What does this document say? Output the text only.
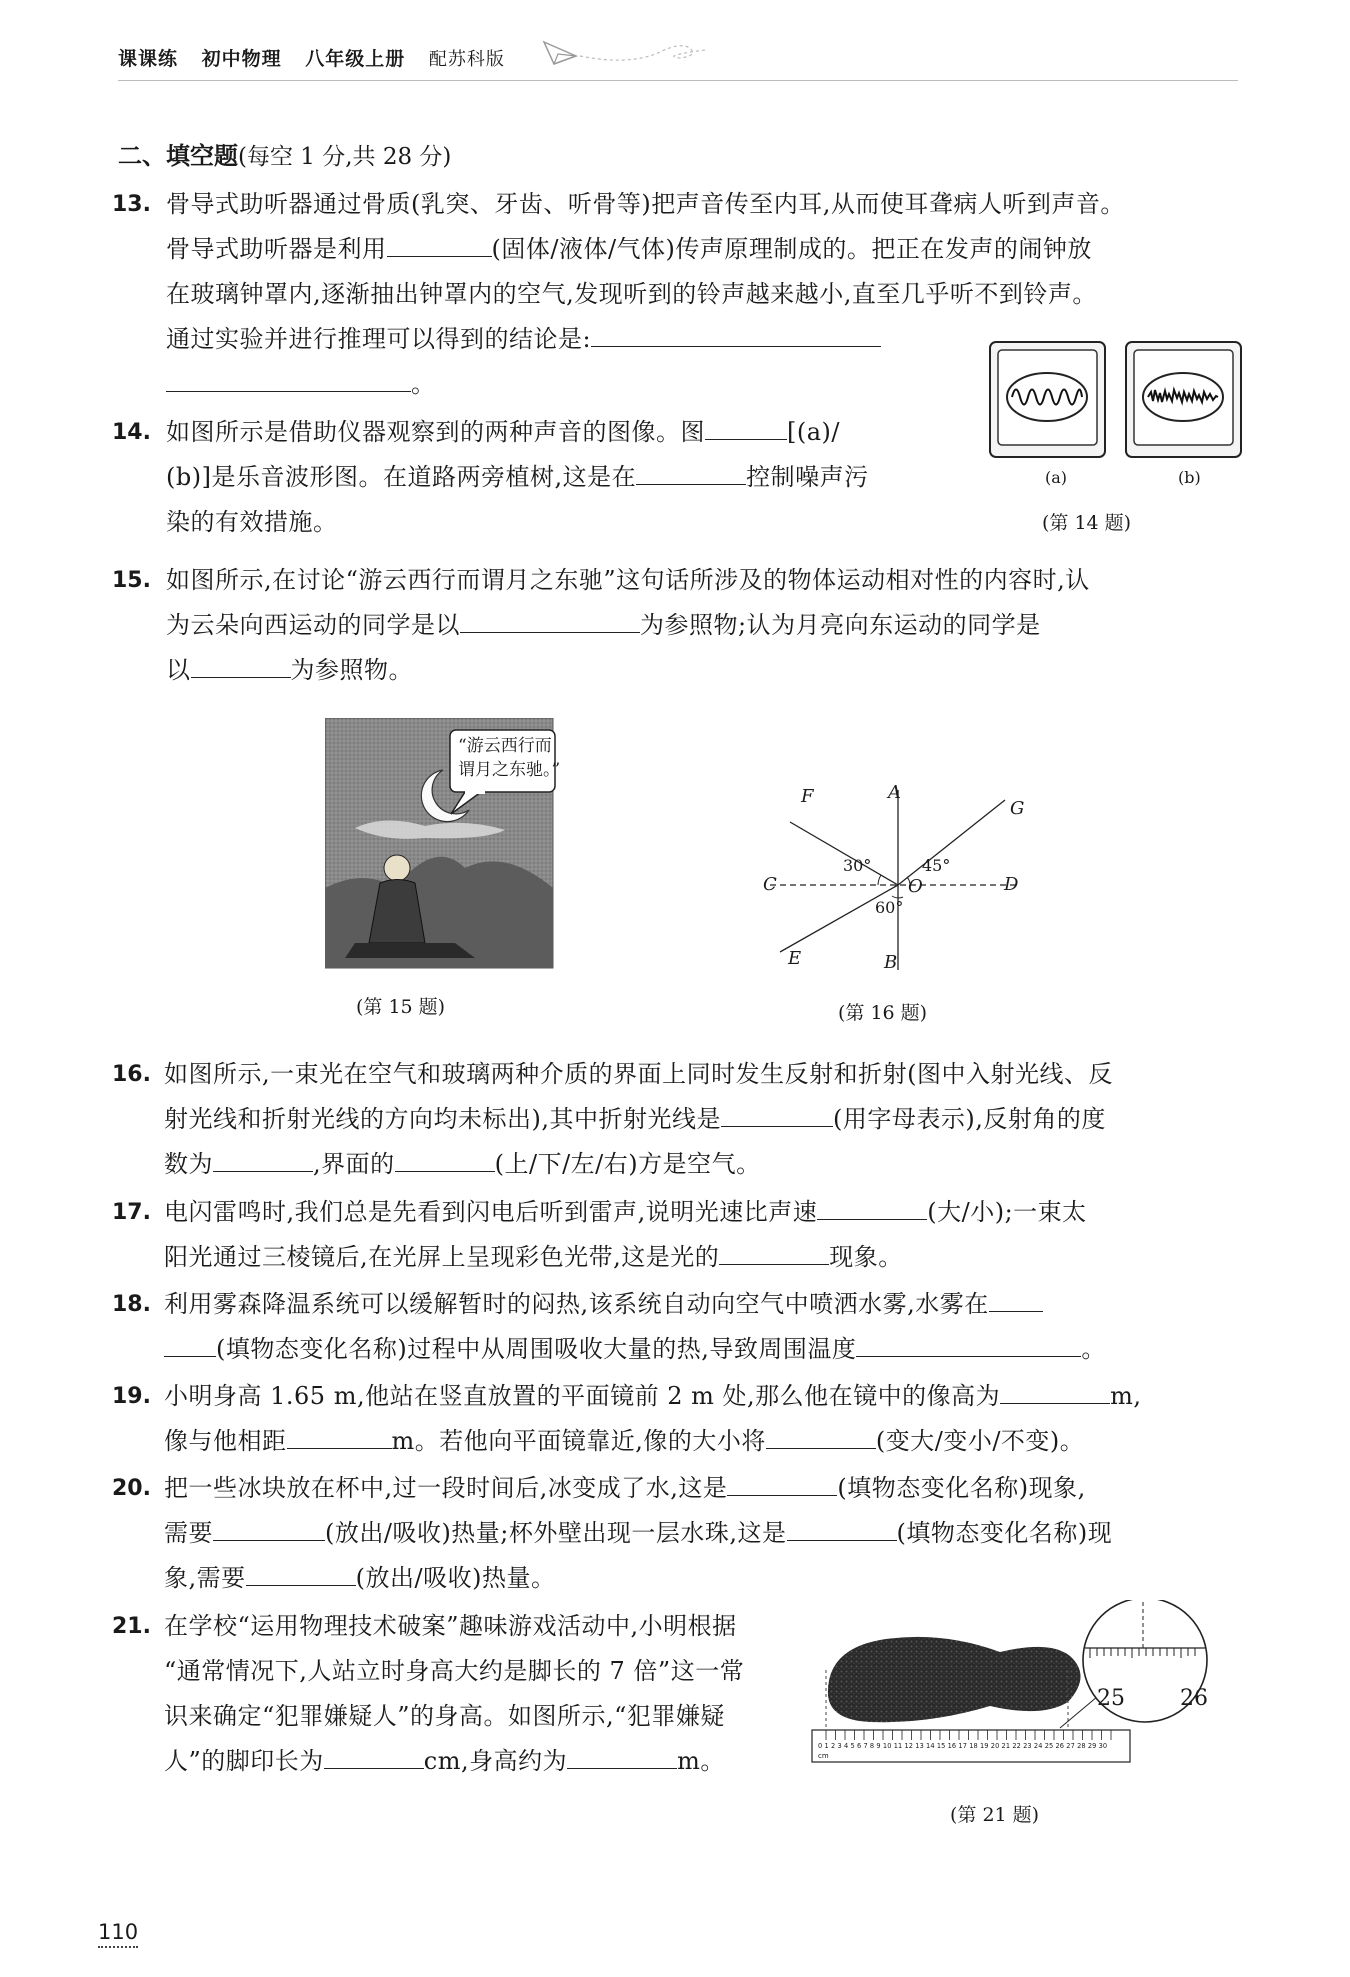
课课练 初中物理 八年级上册 配苏科版
二、填空题(每空 1 分,共 28 分)
13. 骨导式助听器通过骨质(乳突、牙齿、听骨等)把声音传至内耳,从而使耳聋病人听到声音。
骨导式助听器是利用	(固体/液体/气体)传声原理制成的。把正在发声的闹钟放
在玻璃钟罩内,逐渐抽出钟罩内的空气,发现听到的铃声越来越小,直至几乎听不到铃声。
通过实验并进行推理可以得到的结论是:
。
14. 如图所示是借助仪器观察到的两种声音的图像。图	[(a)/
(b)]是乐音波形图。在道路两旁植树,这是在	控制噪声污
染的有效措施。
(a)	(b)
(第 14 题)
15. 如图所示,在讨论“游云西行而谓月之东驰”这句话所涉及的物体运动相对性的内容时,认
为云朵向西运动的同学是以	为参照物;认为月亮向东运动的同学是
以	为参照物。
“游云西行而
谓月之东驰。”
(第 15 题)
F	A
G
30°	45°
C	O	D
60°
E	B
(第 16 题)
16. 如图所示,一束光在空气和玻璃两种介质的界面上同时发生反射和折射(图中入射光线、反
射光线和折射光线的方向均未标出),其中折射光线是	(用字母表示),反射角的度
数为	,界面的	(上/下/左/右)方是空气。
17. 电闪雷鸣时,我们总是先看到闪电后听到雷声,说明光速比声速	(大/小);一束太
阳光通过三棱镜后,在光屏上呈现彩色光带,这是光的	现象。
18. 利用雾森降温系统可以缓解暂时的闷热,该系统自动向空气中喷洒水雾,水雾在
(填物态变化名称)过程中从周围吸收大量的热,导致周围温度	。
19. 小明身高 1.65 m,他站在竖直放置的平面镜前 2 m 处,那么他在镜中的像高为	m,
像与他相距	m。若他向平面镜靠近,像的大小将	(变大/变小/不变)。
20. 把一些冰块放在杯中,过一段时间后,冰变成了水,这是	(填物态变化名称)现象,
需要	(放出/吸收)热量;杯外壁出现一层水珠,这是	(填物态变化名称)现
象,需要	(放出/吸收)热量。
21. 在学校“运用物理技术破案”趣味游戏活动中,小明根据
“通常情况下,人站立时身高大约是脚长的 7 倍”这一常
识来确定“犯罪嫌疑人”的身高。如图所示,“犯罪嫌疑
人”的脚印长为	cm,身高约为	m。
25	26
0 1 2 3 4 5 6 7 8 9 10 11 12 13 14 15 16 17 18 19 20 21 22 23 24 25 26 27 28 29 30
cm
(第 21 题)
110
